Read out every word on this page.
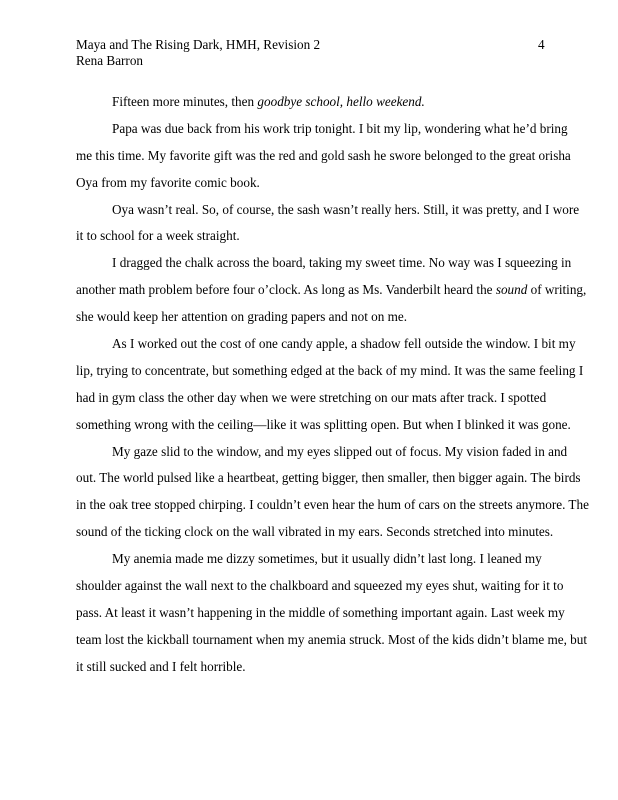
Maya and The Rising Dark, HMH, Revision 2
Rena Barron
4
Fifteen more minutes, then goodbye school, hello weekend.
Papa was due back from his work trip tonight. I bit my lip, wondering what he’d bring
me this time. My favorite gift was the red and gold sash he swore belonged to the great orisha
Oya from my favorite comic book.
Oya wasn’t real. So, of course, the sash wasn’t really hers. Still, it was pretty, and I wore
it to school for a week straight.
I dragged the chalk across the board, taking my sweet time. No way was I squeezing in
another math problem before four o’clock. As long as Ms. Vanderbilt heard the sound of writing,
she would keep her attention on grading papers and not on me.
As I worked out the cost of one candy apple, a shadow fell outside the window. I bit my
lip, trying to concentrate, but something edged at the back of my mind. It was the same feeling I
had in gym class the other day when we were stretching on our mats after track. I spotted
something wrong with the ceiling—like it was splitting open. But when I blinked it was gone.
My gaze slid to the window, and my eyes slipped out of focus. My vision faded in and
out. The world pulsed like a heartbeat, getting bigger, then smaller, then bigger again. The birds
in the oak tree stopped chirping. I couldn’t even hear the hum of cars on the streets anymore. The
sound of the ticking clock on the wall vibrated in my ears. Seconds stretched into minutes.
My anemia made me dizzy sometimes, but it usually didn’t last long. I leaned my
shoulder against the wall next to the chalkboard and squeezed my eyes shut, waiting for it to
pass. At least it wasn’t happening in the middle of something important again. Last week my
team lost the kickball tournament when my anemia struck. Most of the kids didn’t blame me, but
it still sucked and I felt horrible.
